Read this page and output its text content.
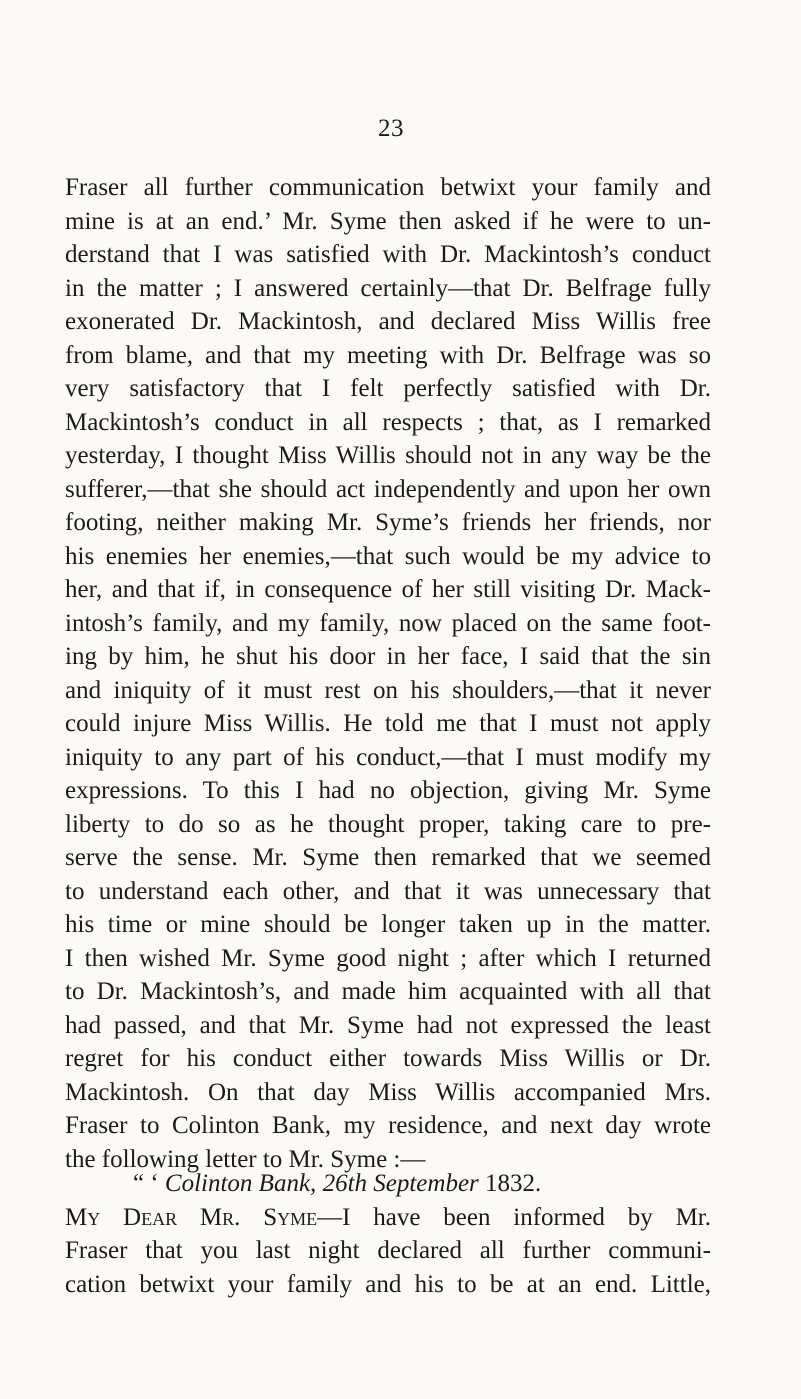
23
Fraser all further communication betwixt your family and
mine is at an end.’ Mr. Syme then asked if he were to un-
derstand that I was satisfied with Dr. Mackintosh’s conduct
in the matter ; I answered certainly—that Dr. Belfrage fully
exonerated Dr. Mackintosh, and declared Miss Willis free
from blame, and that my meeting with Dr. Belfrage was so
very satisfactory that I felt perfectly satisfied with Dr.
Mackintosh’s conduct in all respects ; that, as I remarked
yesterday, I thought Miss Willis should not in any way be the
sufferer,—that she should act independently and upon her own
footing, neither making Mr. Syme’s friends her friends, nor
his enemies her enemies,—that such would be my advice to
her, and that if, in consequence of her still visiting Dr. Mack-
intosh’s family, and my family, now placed on the same foot-
ing by him, he shut his door in her face, I said that the sin
and iniquity of it must rest on his shoulders,—that it never
could injure Miss Willis. He told me that I must not apply
iniquity to any part of his conduct,—that I must modify my
expressions. To this I had no objection, giving Mr. Syme
liberty to do so as he thought proper, taking care to pre-
serve the sense. Mr. Syme then remarked that we seemed
to understand each other, and that it was unnecessary that
his time or mine should be longer taken up in the matter.
I then wished Mr. Syme good night ; after which I returned
to Dr. Mackintosh’s, and made him acquainted with all that
had passed, and that Mr. Syme had not expressed the least
regret for his conduct either towards Miss Willis or Dr.
Mackintosh. On that day Miss Willis accompanied Mrs.
Fraser to Colinton Bank, my residence, and next day wrote
the following letter to Mr. Syme :—
“ ‘ Colinton Bank, 26th September 1832.
My Dear Mr. Syme—I have been informed by Mr.
Fraser that you last night declared all further communi-
cation betwixt your family and his to be at an end. Little,
